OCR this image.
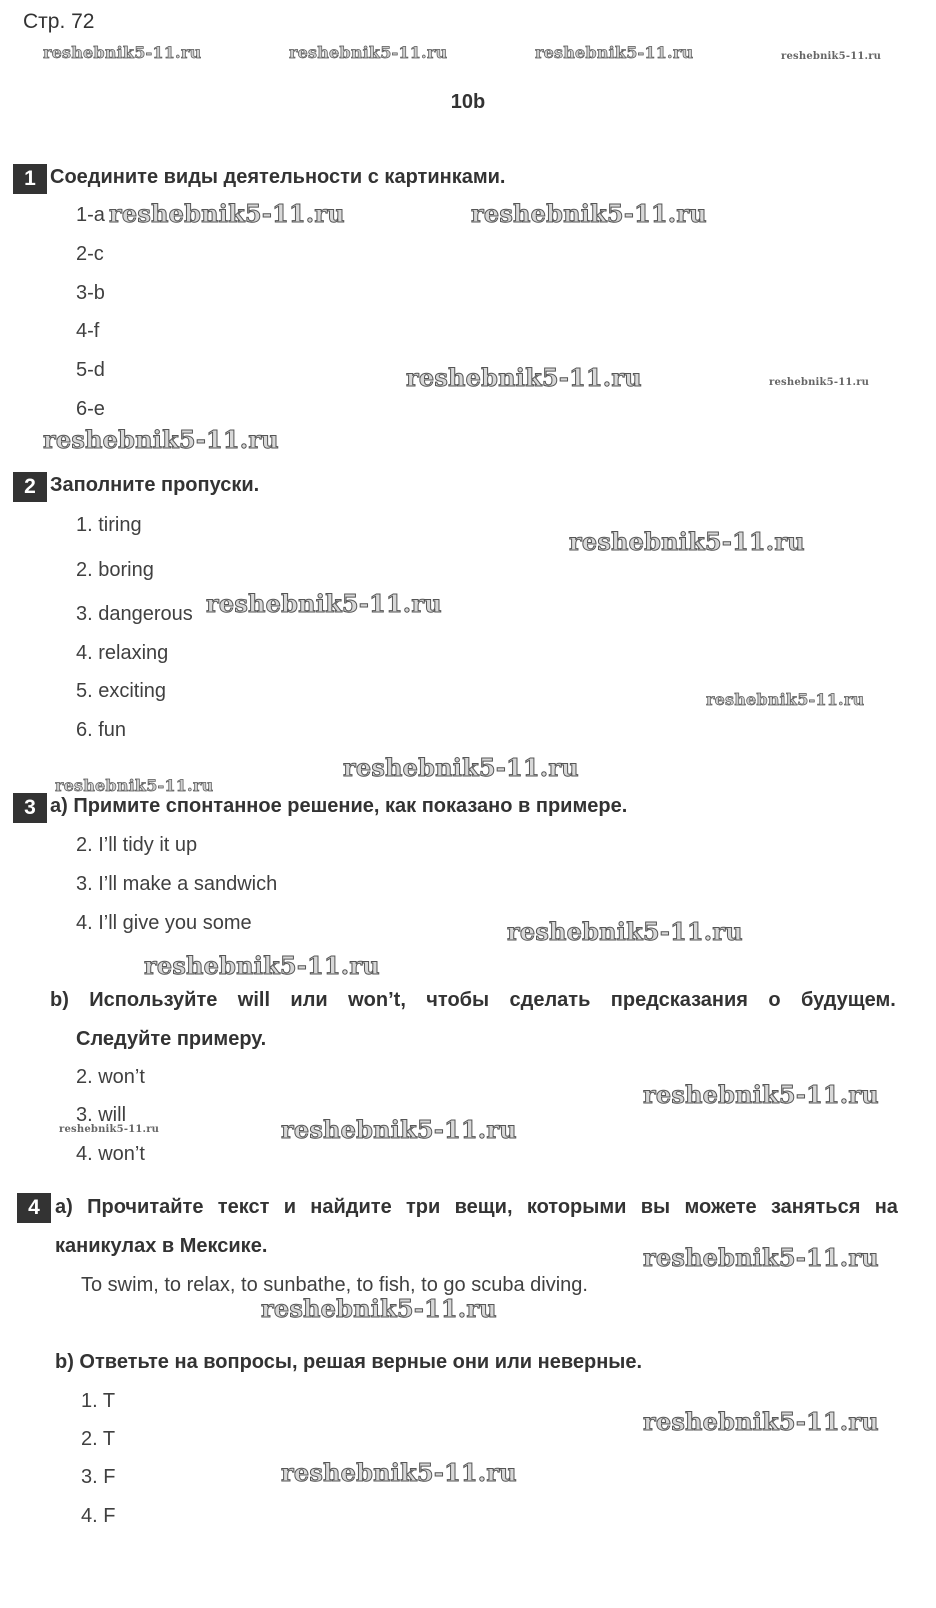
Стр. 72
10b
reshebnik5-11.ru	reshebnik5-11.ru	reshebnik5-11.ru	reshebnik5-11.ru
1 Соедините виды деятельности с картинками.
1-a
2-c
3-b
4-f
5-d
6-e
reshebnik5-11.ru	reshebnik5-11.ru
reshebnik5-11.ru	reshebnik5-11.ru
reshebnik5-11.ru
2 Заполните пропуски.
1. tiring
2. boring
3. dangerous
4. relaxing
5. exciting
6. fun
reshebnik5-11.ru
reshebnik5-11.ru
reshebnik5-11.ru
reshebnik5-11.ru
reshebnik5-11.ru
3 a) Примите спонтанное решение, как показано в примере.
2. I’ll tidy it up
3. I’ll make a sandwich
4. I’ll give you some	reshebnik5-11.ru
reshebnik5-11.ru
b) Используйте will или won’t, чтобы сделать предсказания о будущем.
Следуйте примеру.
2. won’t
3. will
4. won’t
reshebnik5-11.ru
reshebnik5-11.ru
reshebnik5-11.ru
4 a) Прочитайте текст и найдите три вещи, которыми вы можете заняться на
каникулах в Мексике.
To swim, to relax, to sunbathe, to fish, to go scuba diving.
reshebnik5-11.ru
reshebnik5-11.ru
b) Ответьте на вопросы, решая верные они или неверные.
1. T
2. T
3. F
4. F
reshebnik5-11.ru
reshebnik5-11.ru
